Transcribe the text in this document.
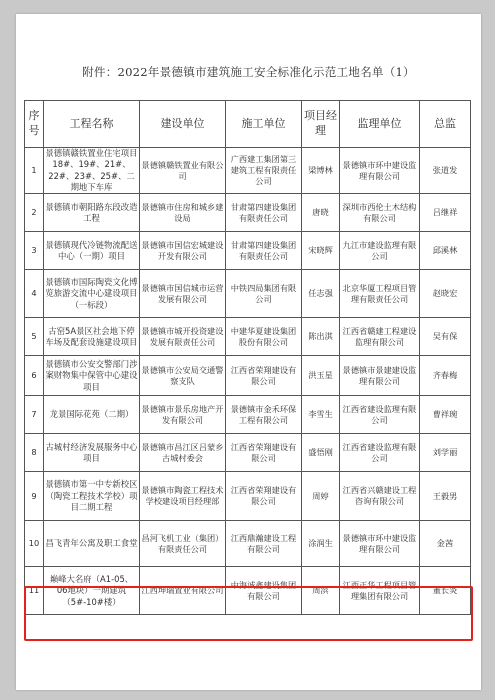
附件：2022年景德镇市建筑施工安全标准化示范工地名单（1）
序号	工程名称	建设单位	施工单位	项目经理	监理单位	总监
1	景德镇赣铁置业住宅项目18#、19#、21#、22#、23#、25#、二期地下车库	景德镇赣铁置业有限公司	广西建工集团第三建筑工程有限责任公司	梁博林	景德镇市环中建设监理有限公司	张道发
2	景德镇市朝阳路东段改造工程	景德镇市住房和城乡建设局	甘肃第四建设集团有限责任公司	唐晓	深圳市西伦土木结构有限公司	吕继祥
3	景德镇现代冷链物流配送中心（一期）项目	景德镇市国信宏城建设开发有限公司	甘肃第四建设集团有限责任公司	宋晓辉	九江市建设监理有限公司	邱溪林
4	景德镇市国际陶瓷文化博览旅游交流中心建设项目（一标段）	景德镇市国信城市运营发展有限公司	中铁四局集团有限公司	任志强	北京华厦工程项目管理有限责任公司	赵晓宏
5	古窑5A景区社会地下停车场及配套设施建设项目	景德镇市城开投资建设发展有限责任公司	中建华夏建设集团股份有限公司	陈出淇	江西省赣建工程建设监理有限公司	吴有保
6	景德镇市公安交警部门涉案财物集中保管中心建设项目	景德镇市公安局交通警察支队	江西省荣翔建设有限公司	洪玉星	景德镇市景建建设监理有限公司	齐春梅
7	龙景国际花苑（二期）	景德镇市景乐房地产开发有限公司	景德镇市金禾环保工程有限公司	李雪生	江西省建设监理有限公司	曹祥琬
8	古城村经济发展服务中心项目	景德镇市昌江区吕蒙乡古城村委会	江西省荣翔建设有限公司	盛悟刚	江西省建设监理有限公司	刘学丽
9	景德镇市第一中专新校区（陶瓷工程技术学校）项目二期工程	景德镇市陶瓷工程技术学校建设项目经理部	江西省荣翔建设有限公司	周婷	江西省兴赣建设工程咨询有限公司	王毅男
10	昌飞青年公寓及职工食堂	昌河飞机工业（集团）有限责任公司	江西鼎瀚建设工程有限公司	涂润生	景德镇市环中建设监理有限公司	金茜
11	巅峰大名府（A1-05、06地块）一期建筑（5#-10#楼）	江西坤瑞置业有限公司	中海诚鑫建设集团有限公司	周滨	江西正华工程项目管理集团有限公司	董长炎
